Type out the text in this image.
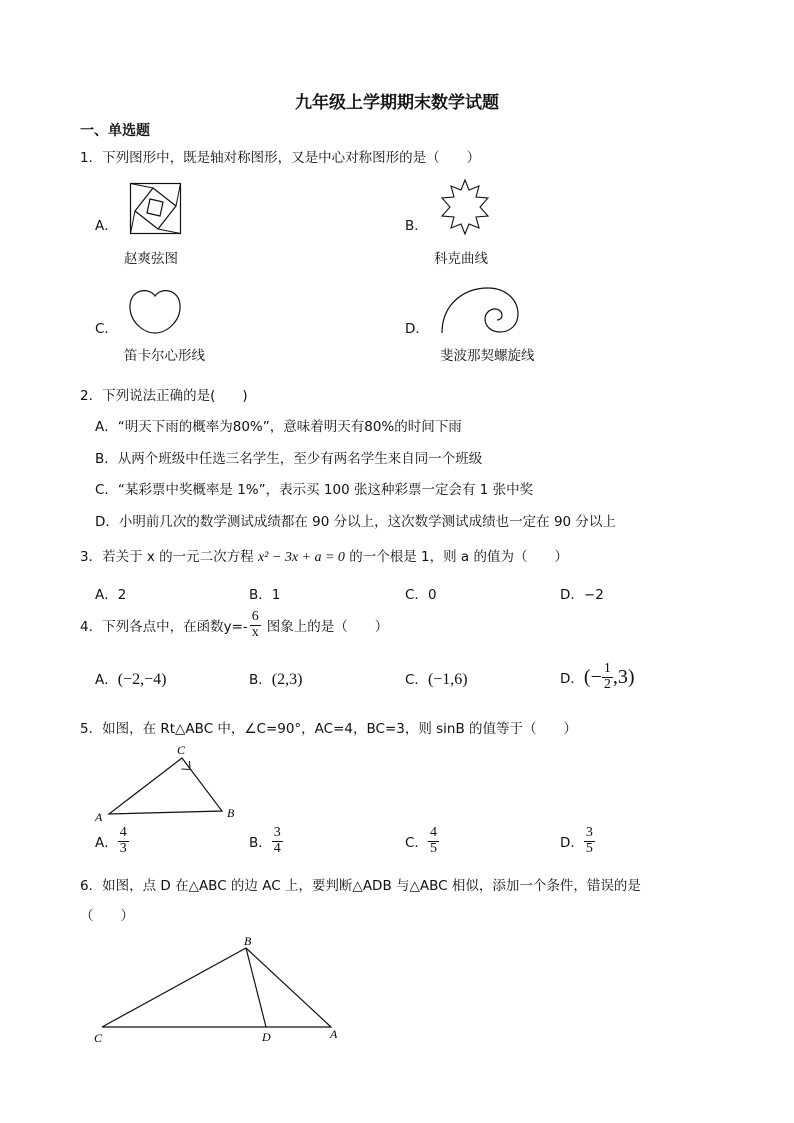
九年级上学期期末数学试题
一、单选题
1．下列图形中，既是轴对称图形，又是中心对称图形的是（　　）
A．
赵爽弦图
B．
科克曲线
C．
笛卡尔心形线
D．
斐波那契螺旋线
2．下列说法正确的是(　　)
A．“明天下雨的概率为80%”，意味着明天有80%的时间下雨
B．从两个班级中任选三名学生，至少有两名学生来自同一个班级
C．“某彩票中奖概率是 1%”，表示买 100 张这种彩票一定会有 1 张中奖
D．小明前几次的数学测试成绩都在 90 分以上，这次数学测试成绩也一定在 90 分以上
3．若关于 x 的一元二次方程 x² − 3x + a = 0 的一个根是 1，则 a 的值为（　　）
A．2	B．1	C．0	D．−2
4．下列各点中，在函数$y=- \frac{6}{x}$ 图象上的是（　　）
A．(−2,−4)	B．(2,3)	C．(−1,6)	D． (− $\frac{1}{2} ,3$)
5．如图，在 Rt△ABC 中，∠C=90°，AC=4，BC=3，则 sinB 的值等于（　　）
A	B
C
A． $\frac{4}{3}$	B． $\frac{3}{4}$	C． $\frac{4}{5}$	D． $\frac{3}{5}$
6．如图，点 D 在△ABC 的边 AC 上，要判断△ADB 与△ABC 相似，添加一个条件，错误的是
（　　）
C	D	A
B
